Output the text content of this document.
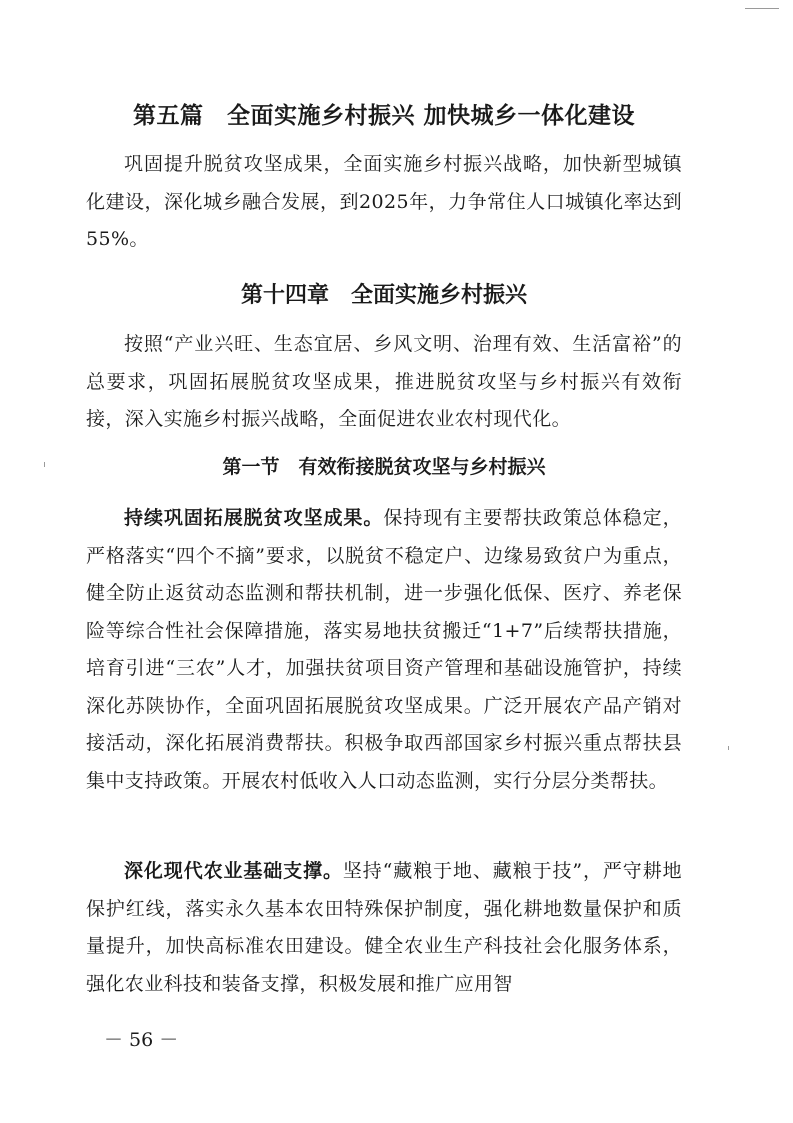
第五篇　全面实施乡村振兴 加快城乡一体化建设

巩固提升脱贫攻坚成果，全面实施乡村振兴战略，加快新型城镇化建设，深化城乡融合发展，到2025年，力争常住人口城镇化率达到55%。

第十四章　全面实施乡村振兴

按照“产业兴旺、生态宜居、乡风文明、治理有效、生活富裕”的总要求，巩固拓展脱贫攻坚成果，推进脱贫攻坚与乡村振兴有效衔接，深入实施乡村振兴战略，全面促进农业农村现代化。

第一节　有效衔接脱贫攻坚与乡村振兴

持续巩固拓展脱贫攻坚成果。保持现有主要帮扶政策总体稳定，严格落实“四个不摘”要求，以脱贫不稳定户、边缘易致贫户为重点，健全防止返贫动态监测和帮扶机制，进一步强化低保、医疗、养老保险等综合性社会保障措施，落实易地扶贫搬迁“1+7”后续帮扶措施，培育引进“三农”人才，加强扶贫项目资产管理和基础设施管护，持续深化苏陕协作，全面巩固拓展脱贫攻坚成果。广泛开展农产品产销对接活动，深化拓展消费帮扶。积极争取西部国家乡村振兴重点帮扶县集中支持政策。开展农村低收入人口动态监测，实行分层分类帮扶。

深化现代农业基础支撑。坚持“藏粮于地、藏粮于技”，严守耕地保护红线，落实永久基本农田特殊保护制度，强化耕地数量保护和质量提升，加快高标准农田建设。健全农业生产科技社会化服务体系，强化农业科技和装备支撑，积极发展和推广应用智

－ 56 －
